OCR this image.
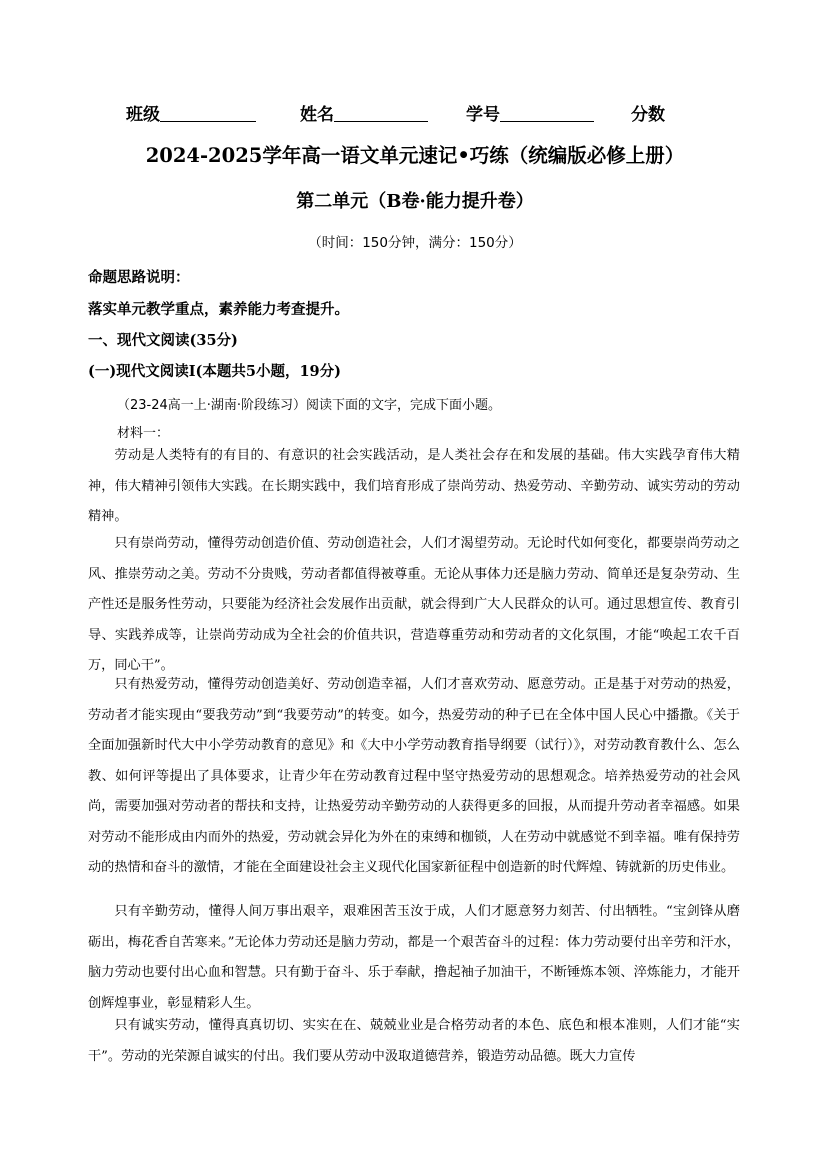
班级	姓名	学号	分数
2024-2025学年高一语文单元速记•巧练（统编版必修上册）
第二单元（B卷·能力提升卷）
（时间：150分钟，满分：150分）
命题思路说明：
落实单元教学重点，素养能力考查提升。
一、现代文阅读(35分)
(一)现代文阅读Ⅰ(本题共5小题，19分)
（23-24高一上·湖南·阶段练习）阅读下面的文字，完成下面小题。
材料一：

劳动是人类特有的有目的、有意识的社会实践活动，是人类社会存在和发展的基础。伟大实践孕育伟大精神，伟大精神引领伟大实践。在长期实践中，我们培育形成了崇尚劳动、热爱劳动、辛勤劳动、诚实劳动的劳动精神。

只有崇尚劳动，懂得劳动创造价值、劳动创造社会，人们才渴望劳动。无论时代如何变化，都要崇尚劳动之风、推崇劳动之美。劳动不分贵贱，劳动者都值得被尊重。无论从事体力还是脑力劳动、简单还是复杂劳动、生产性还是服务性劳动，只要能为经济社会发展作出贡献，就会得到广大人民群众的认可。通过思想宣传、教育引导、实践养成等，让崇尚劳动成为全社会的价值共识，营造尊重劳动和劳动者的文化氛围，才能“唤起工农千百万，同心干”。

只有热爱劳动，懂得劳动创造美好、劳动创造幸福，人们才喜欢劳动、愿意劳动。正是基于对劳动的热爱，劳动者才能实现由“要我劳动”到“我要劳动”的转变。如今，热爱劳动的种子已在全体中国人民心中播撒。《关于全面加强新时代大中小学劳动教育的意见》和《大中小学劳动教育指导纲要（试行）》，对劳动教育教什么、怎么教、如何评等提出了具体要求，让青少年在劳动教育过程中坚守热爱劳动的思想观念。培养热爱劳动的社会风尚，需要加强对劳动者的帮扶和支持，让热爱劳动辛勤劳动的人获得更多的回报，从而提升劳动者幸福感。如果对劳动不能形成由内而外的热爱，劳动就会异化为外在的束缚和枷锁，人在劳动中就感觉不到幸福。唯有保持劳动的热情和奋斗的激情，才能在全面建设社会主义现代化国家新征程中创造新的时代辉煌、铸就新的历史伟业。

只有辛勤劳动，懂得人间万事出艰辛，艰难困苦玉汝于成，人们才愿意努力刻苦、付出牺牲。“宝剑锋从磨砺出，梅花香自苦寒来。”无论体力劳动还是脑力劳动，都是一个艰苦奋斗的过程：体力劳动要付出辛劳和汗水，脑力劳动也要付出心血和智慧。只有勤于奋斗、乐于奉献，撸起袖子加油干，不断锤炼本领、淬炼能力，才能开创辉煌事业，彰显精彩人生。

只有诚实劳动，懂得真真切切、实实在在、兢兢业业是合格劳动者的本色、底色和根本准则，人们才能“实干”。劳动的光荣源自诚实的付出。我们要从劳动中汲取道德营养，锻造劳动品德。既大力宣传
